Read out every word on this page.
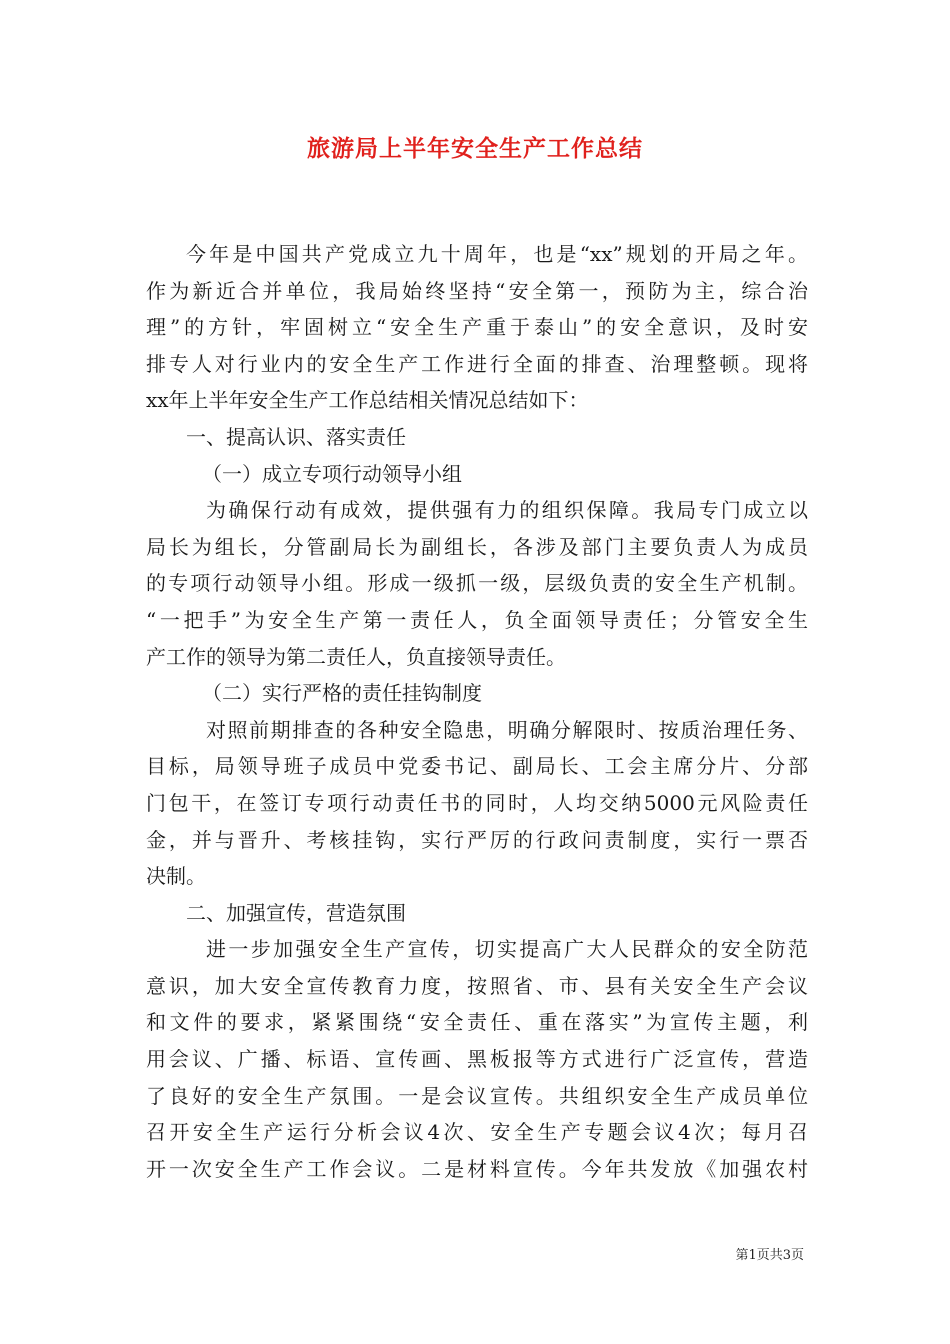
旅游局上半年安全生产工作总结
今年是中国共产党成立九十周年，也是“xx”规划的开局之年。
作为新近合并单位，我局始终坚持“安全第一，预防为主，综合治
理”的方针，牢固树立“安全生产重于泰山”的安全意识，及时安
排专人对行业内的安全生产工作进行全面的排查、治理整顿。现将
xx年上半年安全生产工作总结相关情况总结如下：
一、提高认识、落实责任
（一）成立专项行动领导小组
为确保行动有成效，提供强有力的组织保障。我局专门成立以
局长为组长，分管副局长为副组长，各涉及部门主要负责人为成员
的专项行动领导小组。形成一级抓一级，层级负责的安全生产机制。
“一把手”为安全生产第一责任人，负全面领导责任；分管安全生
产工作的领导为第二责任人，负直接领导责任。
（二）实行严格的责任挂钩制度
对照前期排查的各种安全隐患，明确分解限时、按质治理任务、
目标，局领导班子成员中党委书记、副局长、工会主席分片、分部
门包干，在签订专项行动责任书的同时，人均交纳5000元风险责任
金，并与晋升、考核挂钩，实行严厉的行政问责制度，实行一票否
决制。
二、加强宣传，营造氛围
进一步加强安全生产宣传，切实提高广大人民群众的安全防范
意识，加大安全宣传教育力度，按照省、市、县有关安全生产会议
和文件的要求，紧紧围绕“安全责任、重在落实”为宣传主题，利
用会议、广播、标语、宣传画、黑板报等方式进行广泛宣传，营造
了良好的安全生产氛围。一是会议宣传。共组织安全生产成员单位
召开安全生产运行分析会议4次、安全生产专题会议4次；每月召
开一次安全生产工作会议。二是材料宣传。今年共发放《加强农村
第1页共3页
